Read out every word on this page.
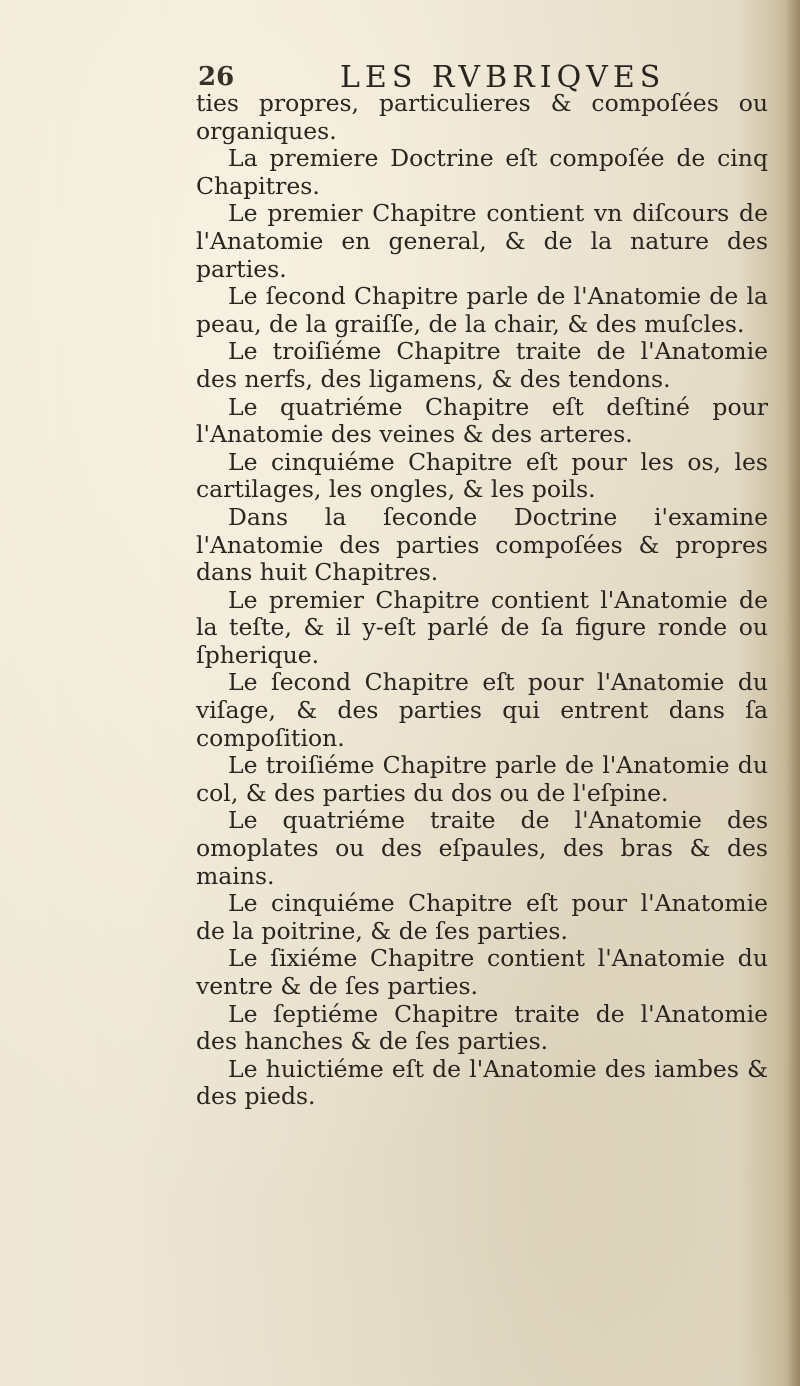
26	LES RVBRIQVES

ties propres, particulieres & compoſées ou organiques.

La premiere Doctrine eſt compoſée de cinq Chapitres.

Le premier Chapitre contient vn diſcours de l'Anatomie en general, & de la nature des parties.

Le ſecond Chapitre parle de l'Anatomie de la peau, de la graiſſe, de la chair, & des muſcles.

Le troiſiéme Chapitre traite de l'Anatomie des nerfs, des ligamens, & des tendons.

Le quatriéme Chapitre eſt deſtiné pour l'Anatomie des veines & des arteres.

Le cinquiéme Chapitre eſt pour les os, les cartilages, les ongles, & les poils.

Dans la ſeconde Doctrine i'examine l'Anatomie des parties compoſées & propres dans huit Chapitres.

Le premier Chapitre contient l'Anatomie de la teſte, & il y-eſt parlé de ſa figure ronde ou ſpherique.

Le ſecond Chapitre eſt pour l'Anatomie du viſage, & des parties qui entrent dans ſa compoſition.

Le troiſiéme Chapitre parle de l'Anatomie du col, & des parties du dos ou de l'eſpine.

Le quatriéme traite de l'Anatomie des omoplates ou des eſpaules, des bras & des mains.

Le cinquiéme Chapitre eſt pour l'Anatomie de la poitrine, & de ſes parties.

Le ſixiéme Chapitre contient l'Anatomie du ventre & de ſes parties.

Le ſeptiéme Chapitre traite de l'Anatomie des hanches & de ſes parties.

Le huictiéme eſt de l'Anatomie des iambes & des pieds.
